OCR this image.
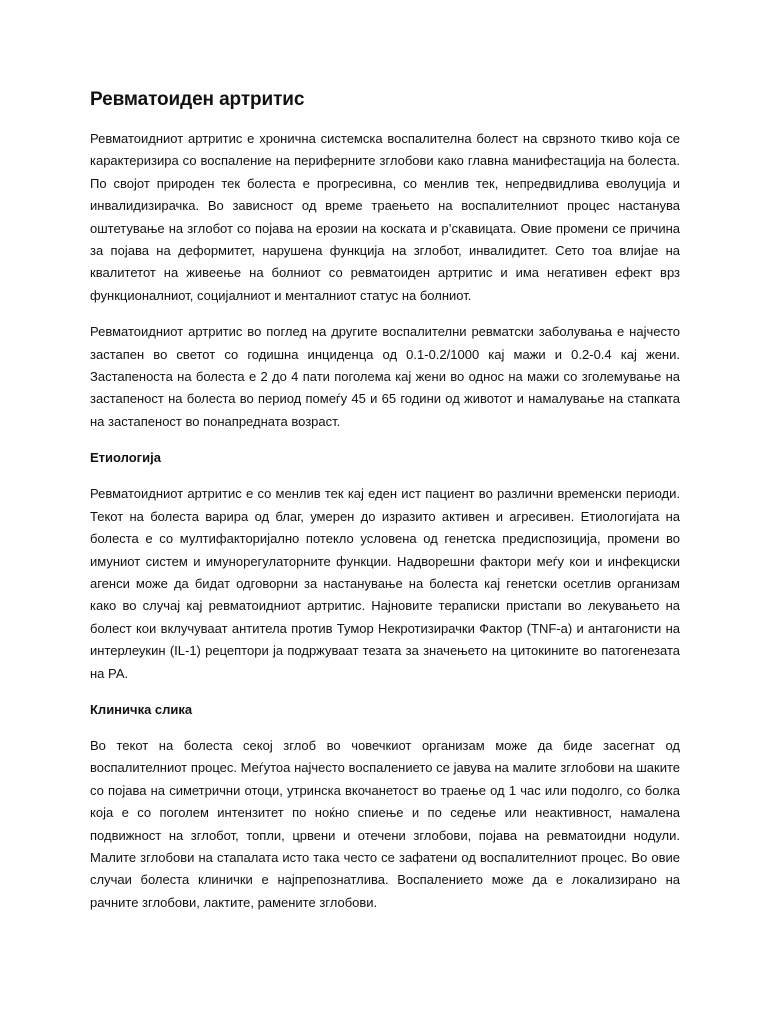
Ревматоиден артритис

Ревматоидниот артритис е хронична системска воспалителна болест на сврзното ткиво која се карактеризира со воспаление на периферните зглобови како главна манифестација на болеста. По својот природен тек болеста е прогресивна, со менлив тек, непредвидлива еволуција и инвалидизирачка. Во зависност од време траењето на воспалителниот процес настанува оштетување на зглобот со појава на ерозии на коската и р’скавицата. Овие промени се причина за појава на деформитет, нарушена функција на зглобот, инвалидитет. Сето тоа влијае на квалитетот на живеење на болниот со ревматоиден артритис и има негативен ефект врз функционалниот, социјалниот и менталниот статус на болниот.

Ревматоидниот артритис во поглед на другите воспалителни ревматски заболувања е најчесто застапен во светот со годишна инциденца од 0.1-0.2/1000 кај мажи и 0.2-0.4 кај жени. Застапеноста на болеста е 2 до 4 пати поголема кај жени во однос на мажи со зголемување на застапеност на болеста во период помеѓу 45 и 65 години од животот и намалување на стапката на застапеност во понапредната возраст.

Етиологија

Ревматоидниот артритис е со менлив тек кај еден ист пациент во различни временски периоди. Текот на болеста варира од благ, умерен до изразито активен и агресивен. Етиологијата на болеста е со мултифакторијално потекло условена од генетска предиспозиција, промени во имуниот систем и имунорегулаторните функции. Надворешни фактори меѓу кои и инфекциски агенси може да бидат одговорни за настанување на болеста кај генетски осетлив организам како во случај кај ревматоидниот артритис. Најновите тераписки пристапи во лекувањето на болест кои вклучуваат антитела против Тумор Некротизирачки Фактор (TNF-a) и антагонисти на интерлеукин (IL-1) рецептори ја подржуваат тезата за значењето на цитокините во патогенезата на РА.

Клиничка слика

Во текот на болеста секој зглоб во човечкиот организам може да биде засегнат од воспалителниот процес. Меѓутоа најчесто воспалението се јавува на малите зглобови на шаките со појава на симетрични отоци, утринска вкочанетост во траење од 1 час или подолго, со болка која е со поголем интензитет по ноќно спиење и по седење или неактивност, намалена подвижност на зглобот, топли, црвени и отечени зглобови, појава на ревматоидни нодули. Малите зглобови на стапалата исто така често се зафатени од воспалителниот процес. Во овие случаи болеста клинички е најпрепознатлива. Воспалението може да е локализирано на рачните зглобови, лактите, рамените зглобови.
